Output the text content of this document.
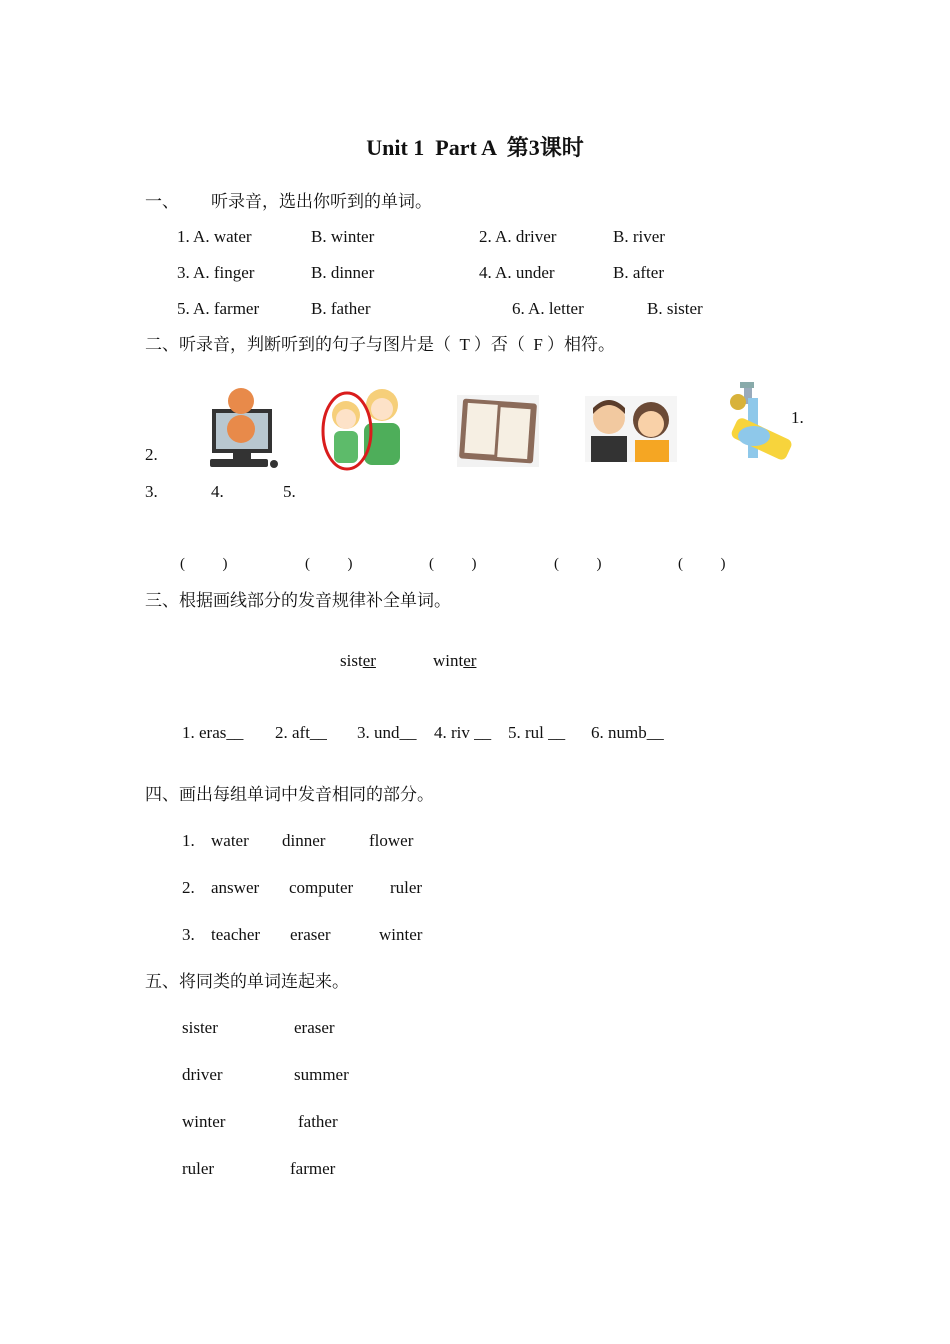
Unit 1  Part A  第3课时
一、 听录音，选出你听到的单词。
1. A. water	B. winter	2. A. driver	B. river
3. A. finger	B. dinner	4. A. under	B. after
5. A. farmer	B. father	6. A. letter	B. sister
二、听录音，判断听到的句子与图片是（  T ）否（  F ）相符。
1.
2.
3.	4.	5.
(          )	(          )	(          )	(          )	(          )
三、根据画线部分的发音规律补全单词。
sister	winter
1. eras__ 2. aft__ 3. und__ 4. riv __ 5. rul __ 6. numb__
四、画出每组单词中发音相同的部分。
1. water dinner	flower
2. answer computer ruler
3. teacher eraser	winter
五、将同类的单词连起来。
sister	eraser
driver	summer
winter	father
ruler	farmer
